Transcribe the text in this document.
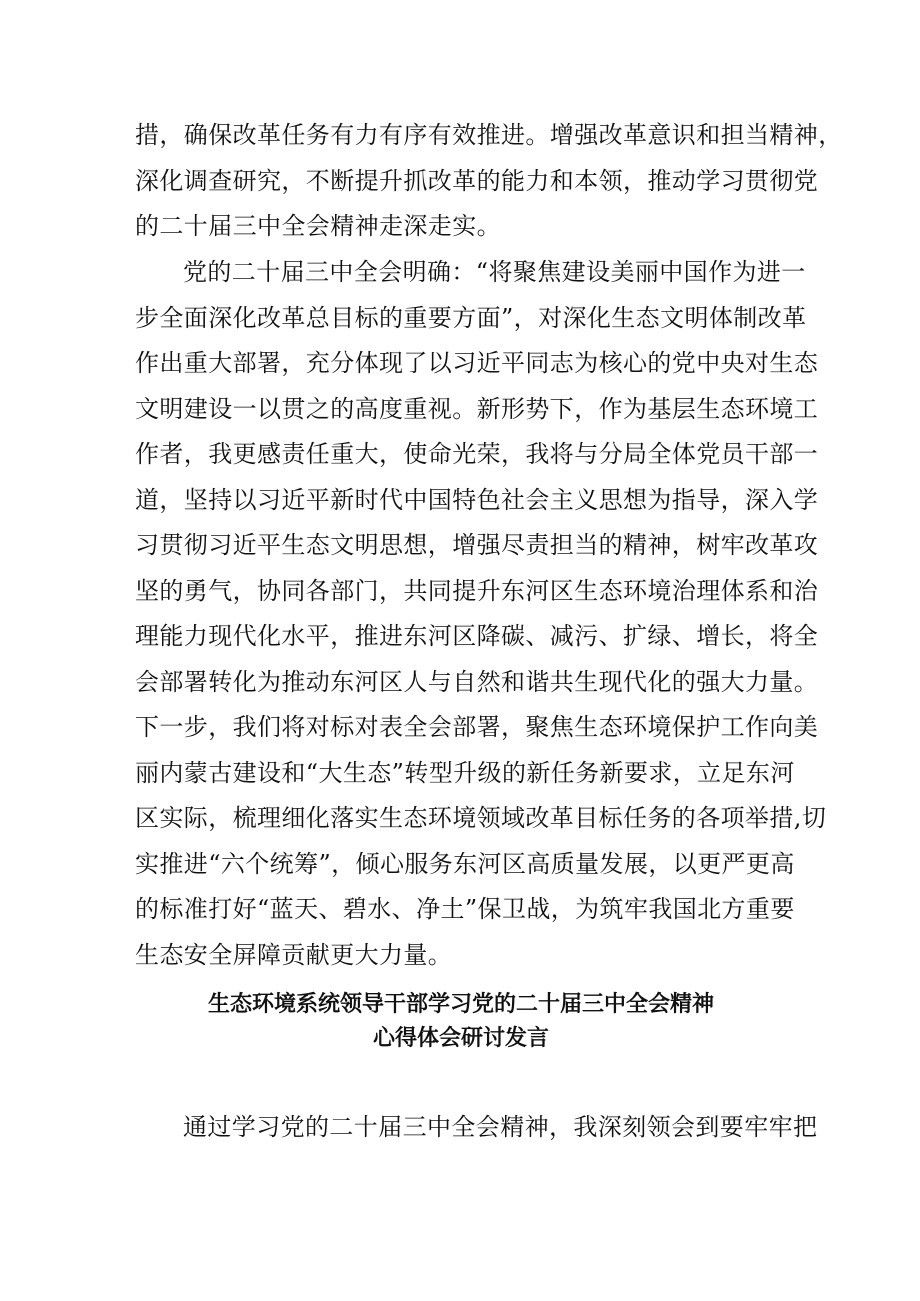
措，确保改革任务有力有序有效推进。增强改革意识和担当精神，
深化调查研究，不断提升抓改革的能力和本领，推动学习贯彻党
的二十届三中全会精神走深走实。
党的二十届三中全会明确：“将聚焦建设美丽中国作为进一
步全面深化改革总目标的重要方面”，对深化生态文明体制改革
作出重大部署，充分体现了以习近平同志为核心的党中央对生态
文明建设一以贯之的高度重视。新形势下，作为基层生态环境工
作者，我更感责任重大，使命光荣，我将与分局全体党员干部一
道，坚持以习近平新时代中国特色社会主义思想为指导，深入学
习贯彻习近平生态文明思想，增强尽责担当的精神，树牢改革攻
坚的勇气，协同各部门，共同提升东河区生态环境治理体系和治
理能力现代化水平，推进东河区降碳、减污、扩绿、增长，将全
会部署转化为推动东河区人与自然和谐共生现代化的强大力量。
下一步，我们将对标对表全会部署，聚焦生态环境保护工作向美
丽内蒙古建设和“大生态”转型升级的新任务新要求，立足东河
区实际，梳理细化落实生态环境领域改革目标任务的各项举措,切
实推进“六个统筹”，倾心服务东河区高质量发展，以更严更高
的标准打好“蓝天、碧水、净土”保卫战，为筑牢我国北方重要
生态安全屏障贡献更大力量。
生态环境系统领导干部学习党的二十届三中全会精神
心得体会研讨发言
通过学习党的二十届三中全会精神，我深刻领会到要牢牢把
